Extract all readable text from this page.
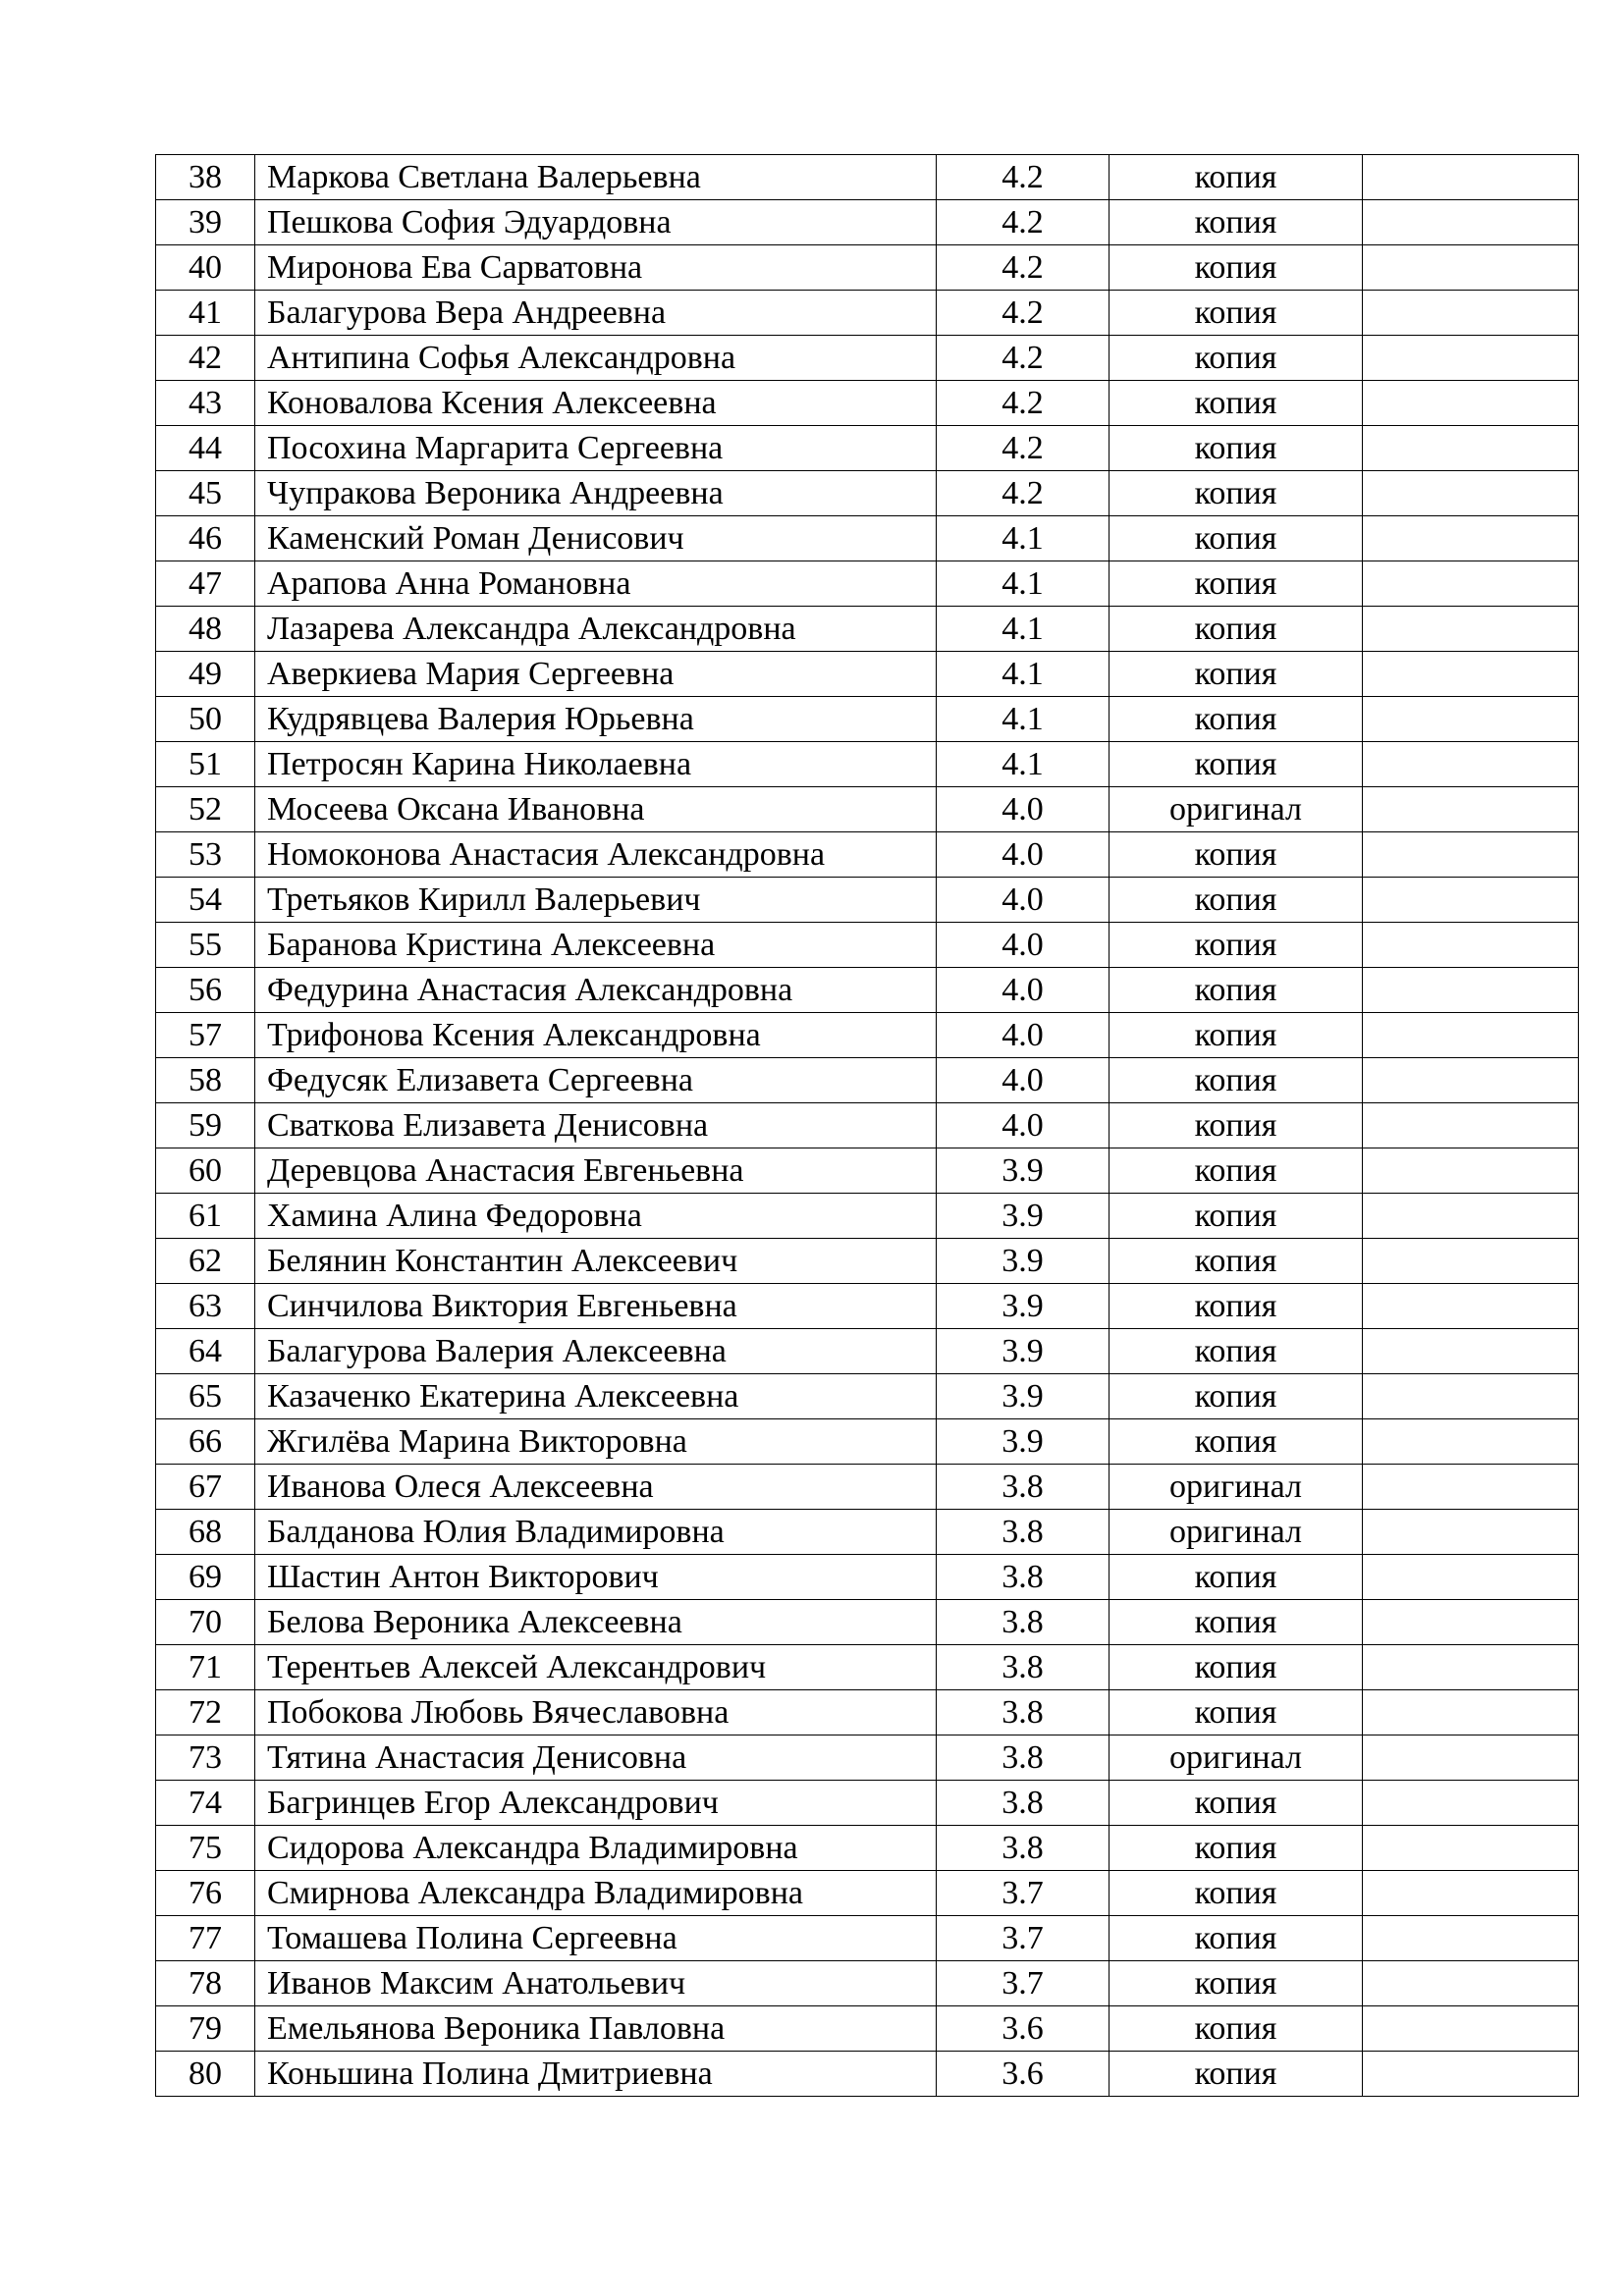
38	Маркова Светлана Валерьевна	4.2	копия	
39	Пешкова София Эдуардовна	4.2	копия	
40	Миронова Ева Сарватовна	4.2	копия	
41	Балагурова Вера Андреевна	4.2	копия	
42	Антипина Софья Александровна	4.2	копия	
43	Коновалова Ксения Алексеевна	4.2	копия	
44	Посохина Маргарита Сергеевна	4.2	копия	
45	Чупракова Вероника Андреевна	4.2	копия	
46	Каменский Роман Денисович	4.1	копия	
47	Арапова Анна Романовна	4.1	копия	
48	Лазарева Александра Александровна	4.1	копия	
49	Аверкиева Мария Сергеевна	4.1	копия	
50	Кудрявцева Валерия Юрьевна	4.1	копия	
51	Петросян Карина Николаевна	4.1	копия	
52	Мосеева Оксана Ивановна	4.0	оригинал	
53	Номоконова Анастасия Александровна	4.0	копия	
54	Третьяков Кирилл Валерьевич	4.0	копия	
55	Баранова Кристина Алексеевна	4.0	копия	
56	Федурина Анастасия Александровна	4.0	копия	
57	Трифонова Ксения Александровна	4.0	копия	
58	Федусяк Елизавета Сергеевна	4.0	копия	
59	Сваткова Елизавета Денисовна	4.0	копия	
60	Деревцова Анастасия Евгеньевна	3.9	копия	
61	Хамина Алина Федоровна	3.9	копия	
62	Белянин Константин Алексеевич	3.9	копия	
63	Синчилова Виктория Евгеньевна	3.9	копия	
64	Балагурова Валерия Алексеевна	3.9	копия	
65	Казаченко Екатерина Алексеевна	3.9	копия	
66	Жгилёва Марина Викторовна	3.9	копия	
67	Иванова Олеся Алексеевна	3.8	оригинал	
68	Балданова Юлия Владимировна	3.8	оригинал	
69	Шастин Антон Викторович	3.8	копия	
70	Белова Вероника Алексеевна	3.8	копия	
71	Терентьев Алексей Александрович	3.8	копия	
72	Побокова Любовь Вячеславовна	3.8	копия	
73	Тятина Анастасия Денисовна	3.8	оригинал	
74	Багринцев Егор Александрович	3.8	копия	
75	Сидорова Александра Владимировна	3.8	копия	
76	Смирнова Александра Владимировна	3.7	копия	
77	Томашева Полина Сергеевна	3.7	копия	
78	Иванов Максим Анатольевич	3.7	копия	
79	Емельянова Вероника Павловна	3.6	копия	
80	Коньшина Полина Дмитриевна	3.6	копия	
